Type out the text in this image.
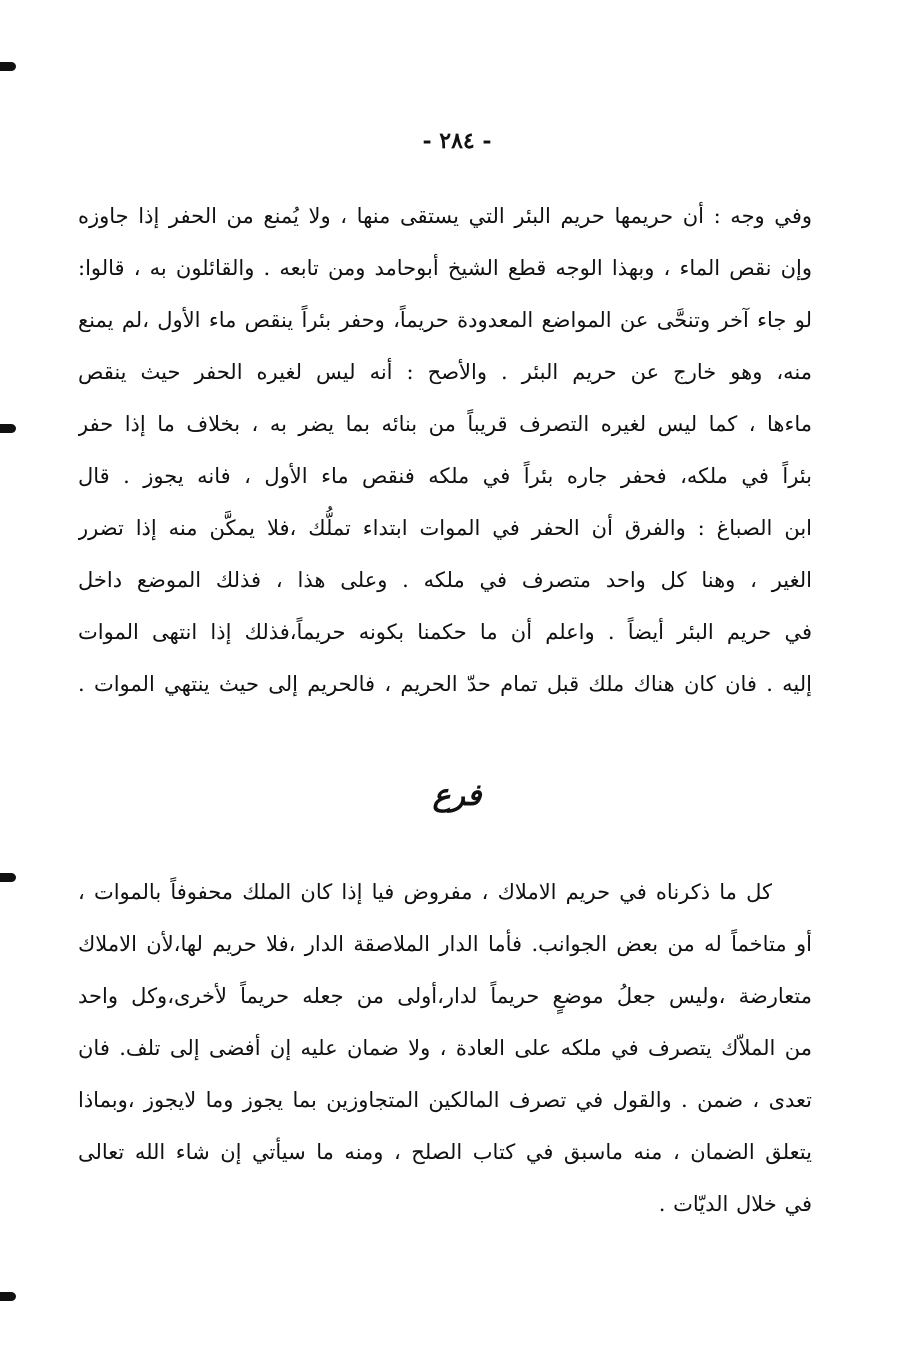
- ٢٨٤ -
وفي وجه : أن حريمها حريم البئر التي يستقى منها ، ولا يُمنع من الحفر إذا جاوزه
وإن نقص الماء ، وبهذا الوجه قطع الشيخ أبوحامد ومن تابعه . والقائلون به ، قالوا:
لو جاء آخر وتنحَّى عن المواضع المعدودة حريماً، وحفر بئراً ينقص ماء الأول ،لم يمنع
منه، وهو خارج عن حريم البئر . والأصح : أنه ليس لغيره الحفر حيث ينقص
ماءها ، كما ليس لغيره التصرف قريباً من بنائه بما يضر به ، بخلاف ما إذا حفر
بئراً في ملكه، فحفر جاره بئراً في ملكه فنقص ماء الأول ، فانه يجوز . قال
ابن الصباغ : والفرق أن الحفر في الموات ابتداء تملُّك ،فلا يمكَّن منه إذا تضرر
الغير ، وهنا كل واحد متصرف في ملكه . وعلى هذا ، فذلك الموضع داخل
في حريم البئر أيضاً . واعلم أن ما حكمنا بكونه حريماً،فذلك إذا انتهى الموات
إليه . فان كان هناك ملك قبل تمام حدّ الحريم ، فالحريم إلى حيث ينتهي الموات .
فرع
كل ما ذكرناه في حريم الاملاك ، مفروض فيا إذا كان الملك محفوفاً بالموات ،
أو متاخماً له من بعض الجوانب. فأما الدار الملاصقة الدار ،فلا حريم لها،لأن الاملاك
متعارضة ،وليس جعلُ موضعٍ حريماً لدار،أولى من جعله حريماً لأخرى،وكل واحد
من الملاّك يتصرف في ملكه على العادة ، ولا ضمان عليه إن أفضى إلى تلف. فان
تعدى ، ضمن . والقول في تصرف المالكين المتجاوزين بما يجوز وما لايجوز ،وبماذا
يتعلق الضمان ، منه ماسبق في كتاب الصلح ، ومنه ما سيأتي إن شاء الله تعالى
في خلال الديّات .
